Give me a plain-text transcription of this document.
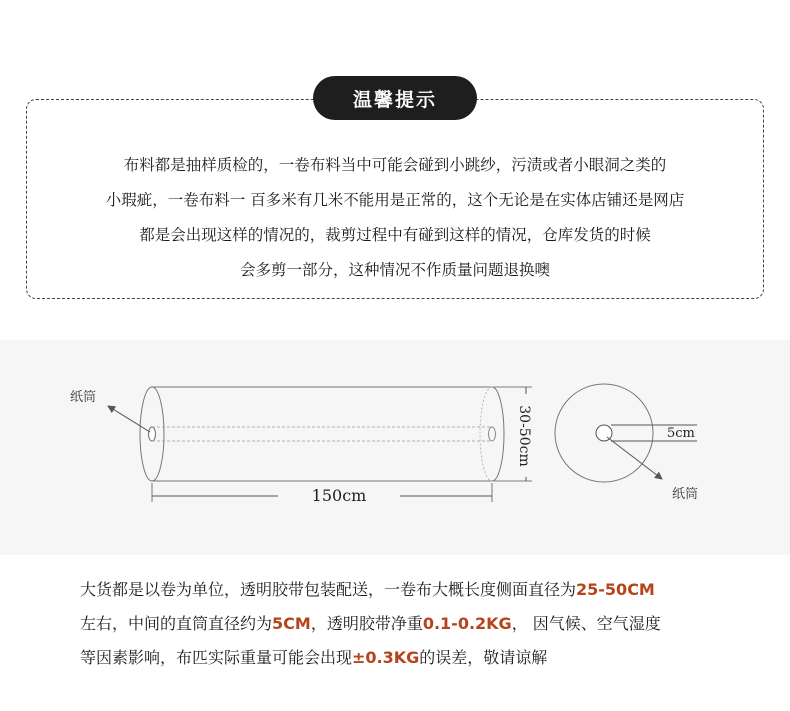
温馨提示
布料都是抽样质检的，一卷布料当中可能会碰到小跳纱，污渍或者小眼洞之类的
小瑕疵，一卷布料一 百多米有几米不能用是正常的，这个无论是在实体店铺还是网店
都是会出现这样的情况的，裁剪过程中有碰到这样的情况，仓库发货的时候
会多剪一部分，这种情况不作质量问题退换噢
纸筒
150cm
30-50cm	5cm
纸筒
大货都是以卷为单位，透明胶带包装配送，一卷布大概长度侧面直径为25-50CM
左右，中间的直筒直径约为5CM，透明胶带净重0.1-0.2KG， 因气候、空气湿度
等因素影响，布匹实际重量可能会出现±0.3KG的误差，敬请谅解
